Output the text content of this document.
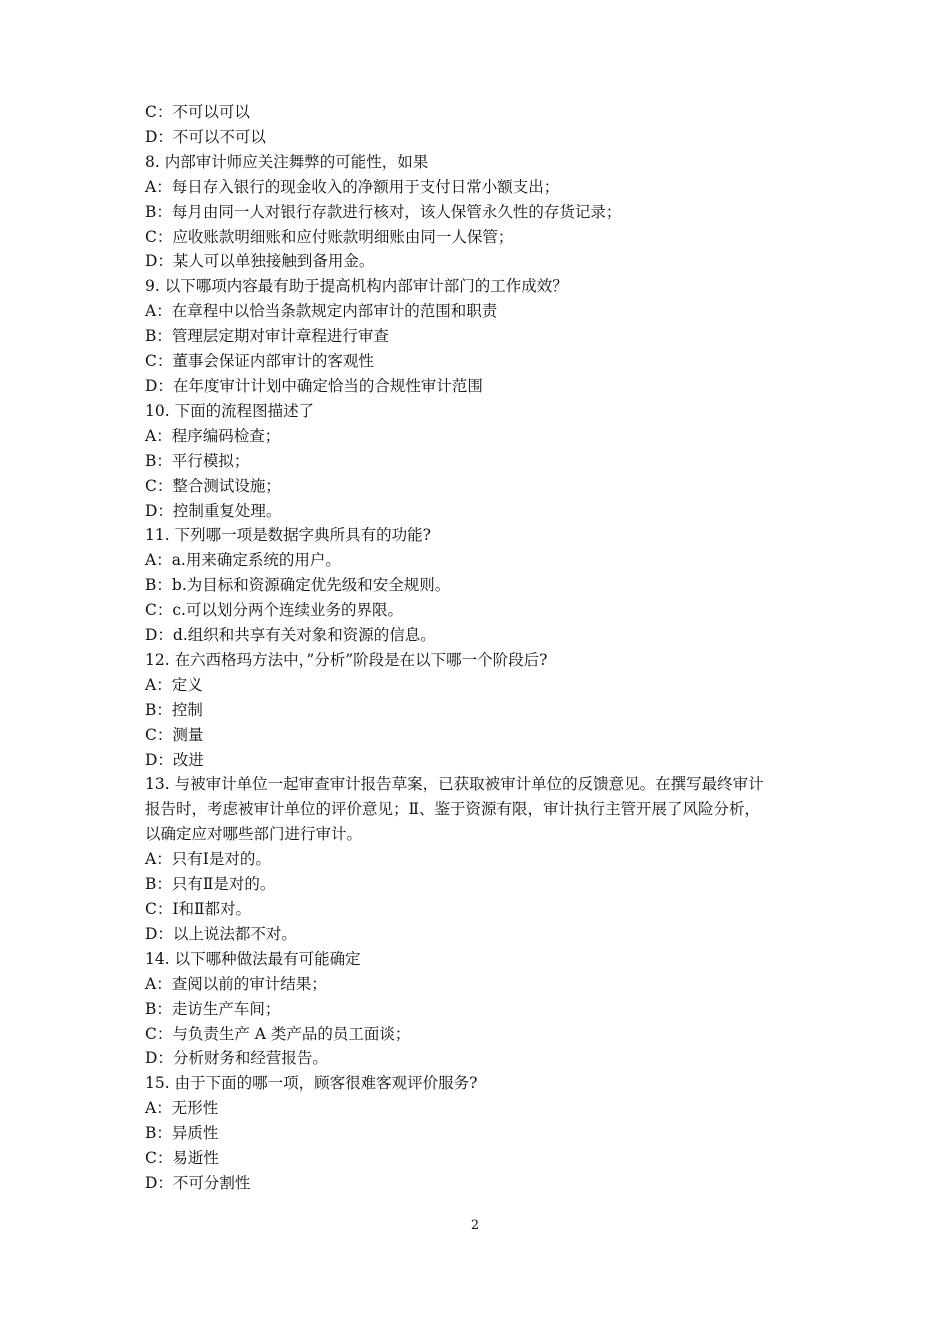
C：不可以可以
D：不可以不可以
8. 内部审计师应关注舞弊的可能性，如果
A：每日存入银行的现金收入的净额用于支付日常小额支出；
B：每月由同一人对银行存款进行核对，该人保管永久性的存货记录；
C：应收账款明细账和应付账款明细账由同一人保管；
D：某人可以单独接触到备用金。
9. 以下哪项内容最有助于提高机构内部审计部门的工作成效？
A：在章程中以恰当条款规定内部审计的范围和职责
B：管理层定期对审计章程进行审查
C：董事会保证内部审计的客观性
D：在年度审计计划中确定恰当的合规性审计范围
10. 下面的流程图描述了
A：程序编码检查；
B：平行模拟；
C：整合测试设施；
D：控制重复处理。
11. 下列哪一项是数据字典所具有的功能?
A：a.用来确定系统的用户。
B：b.为目标和资源确定优先级和安全规则。
C：c.可以划分两个连续业务的界限。
D：d.组织和共享有关对象和资源的信息。
12. 在六西格玛方法中，”分析”阶段是在以下哪一个阶段后?
A：定义
B：控制
C：测量
D：改进
13. 与被审计单位一起审查审计报告草案，已获取被审计单位的反馈意见。在撰写最终审计
报告时，考虑被审计单位的评价意见；Ⅱ、鉴于资源有限，审计执行主管开展了风险分析，
以确定应对哪些部门进行审计。
A：只有Ⅰ是对的。
B：只有Ⅱ是对的。
C：Ⅰ和Ⅱ都对。
D：以上说法都不对。
14. 以下哪种做法最有可能确定
A：查阅以前的审计结果；
B：走访生产车间；
C：与负责生产 A 类产品的员工面谈；
D：分析财务和经营报告。
15. 由于下面的哪一项，顾客很难客观评价服务?
A：无形性
B：异质性
C：易逝性
D：不可分割性
2
